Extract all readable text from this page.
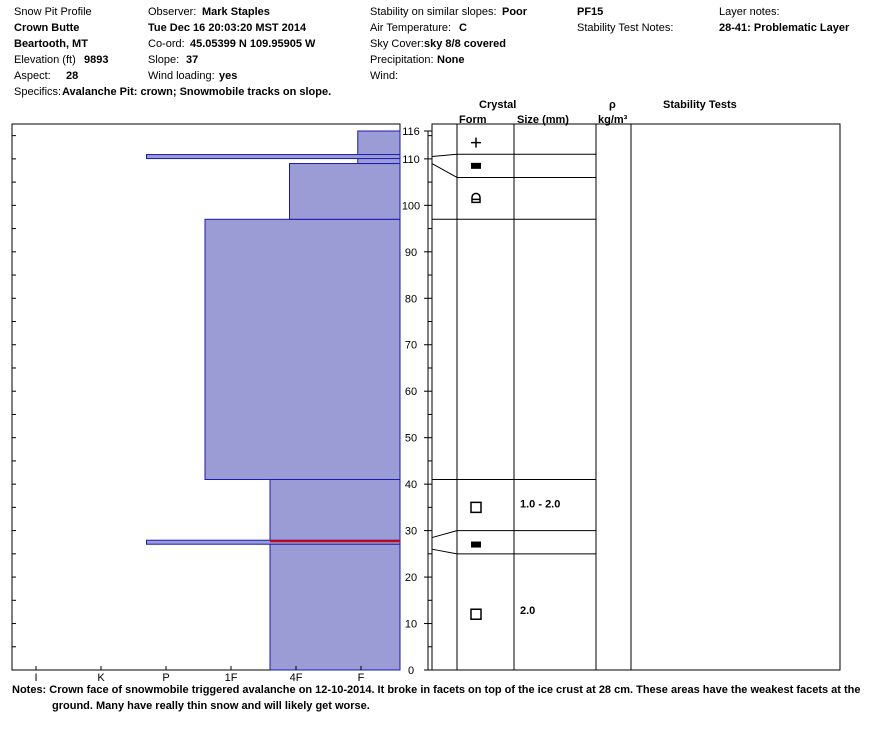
Snow Pit Profile
Crown Butte
Beartooth, MT
Elevation (ft) 9893
Aspect: 28
Specifics: Avalanche Pit: crown; Snowmobile tracks on slope.
Observer: Mark Staples
Tue Dec 16 20:03:20 MST 2014
Co-ord: 45.05399 N 109.95905 W
Slope: 37
Wind loading: yes
Stability on similar slopes: Poor
Air Temperature: C
Sky Cover: sky 8/8 covered
Precipitation: None
Wind:
PF15
Stability Test Notes:
Layer notes:
28-41: Problematic Layer
Crystal
Form	Size (mm)
ρ
kg/m³
Stability Tests
I	K	P	1F	4F	F
0
10
20
30
40
50
60
70
80
90
100
110
116
1.0 - 2.0
2.0
Notes: Crown face of snowmobile triggered avalanche on 12-10-2014. It broke in facets on top of the ice crust at 28 cm. These areas have the weakest facets at the
ground. Many have really thin snow and will likely get worse.
